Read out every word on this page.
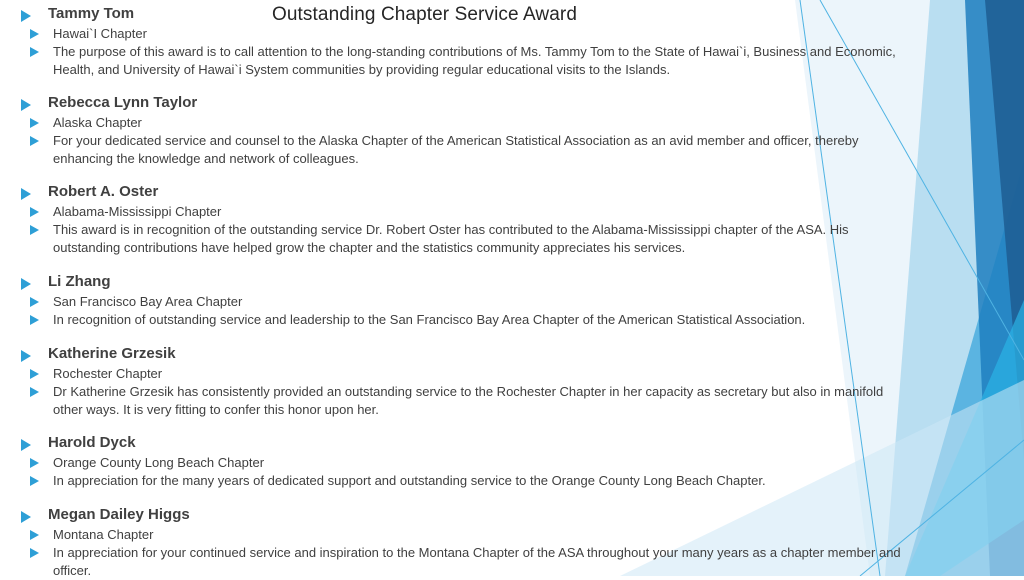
Outstanding Chapter Service Award
Tammy Tom
Hawai`I Chapter
The purpose of this award is to call attention to the long-standing contributions of Ms. Tammy Tom to the State of Hawai`i, Business and Economic, Health, and University of Hawai`i System communities by providing regular educational visits to the Islands.
Rebecca Lynn Taylor
Alaska Chapter
For your dedicated service and counsel to the Alaska Chapter of the American Statistical Association as an avid member and officer, thereby enhancing the knowledge and network of colleagues.
Robert A. Oster
Alabama-Mississippi Chapter
This award is in recognition of the outstanding service Dr. Robert Oster has contributed to the Alabama-Mississippi chapter of the ASA. His outstanding contributions have helped grow the chapter and the statistics community appreciates his services.
Li Zhang
San Francisco Bay Area Chapter
In recognition of outstanding service and leadership to the San Francisco Bay Area Chapter of the American Statistical Association.
Katherine Grzesik
Rochester Chapter
Dr Katherine Grzesik has consistently provided an outstanding service to the Rochester Chapter in her capacity as secretary but also in manifold other ways. It is very fitting to confer this honor upon her.
Harold Dyck
Orange County Long Beach Chapter
In appreciation for the many years of dedicated support and outstanding service to the Orange County Long Beach Chapter.
Megan Dailey Higgs
Montana Chapter
In appreciation for your continued service and inspiration to the Montana Chapter of the ASA throughout your many years as a chapter member and officer.
